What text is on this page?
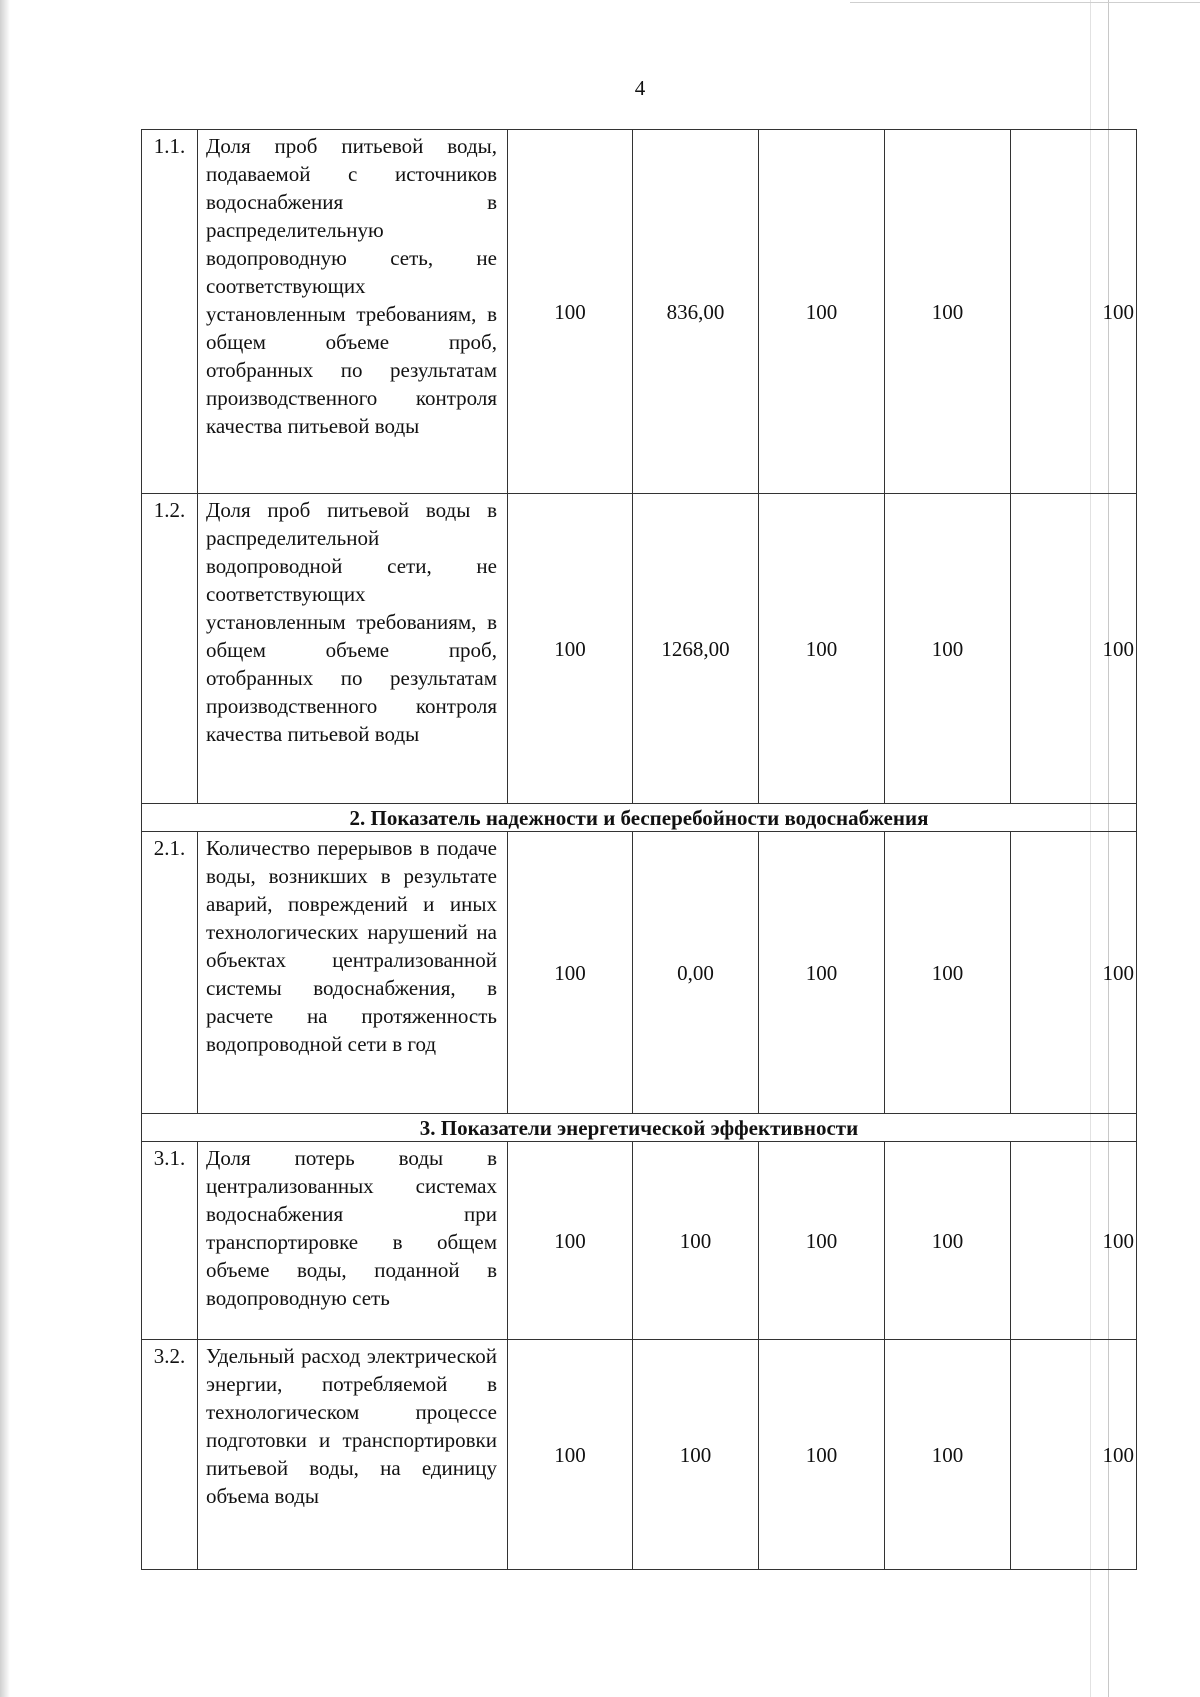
4
1.1.	Доля проб питьевой воды, подаваемой с источников водоснабжения в распределительную водопроводную сеть, не соответствующих установленным требованиям, в общем объеме проб, отобранных по результатам производственного контроля качества питьевой воды	100	836,00	100	100	100
1.2.	Доля проб питьевой воды в распределительной водопроводной сети, не соответствующих установленным требованиям, в общем объеме проб, отобранных по результатам производственного контроля качества питьевой воды	100	1268,00	100	100	100
2. Показатель надежности и бесперебойности водоснабжения						
2.1.	Количество перерывов в подаче воды, возникших в результате аварий, повреждений и иных технологических нарушений на объектах централизованной системы водоснабжения, в расчете на протяженность водопроводной сети в год	100	0,00	100	100	100
3. Показатели энергетической эффективности						
3.1.	Доля потерь воды в централизованных системах водоснабжения при транспортировке в общем объеме воды, поданной в водопроводную сеть	100	100	100	100	100
3.2.	Удельный расход электрической энергии, потребляемой в технологическом процессе подготовки и транспортировки питьевой воды, на единицу объема воды	100	100	100	100	100
